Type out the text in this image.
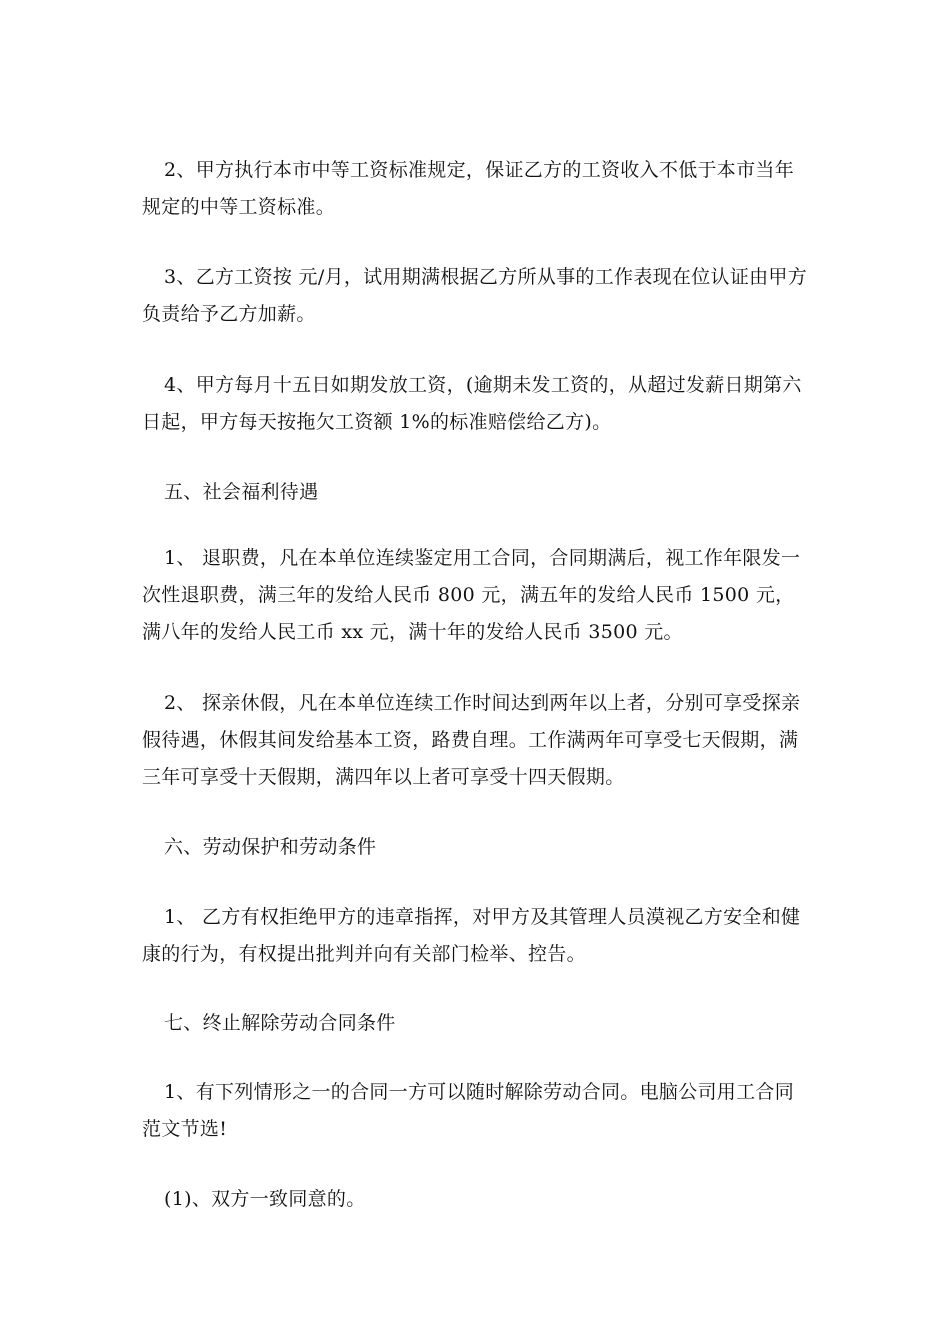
2、甲方执行本市中等工资标准规定，保证乙方的工资收入不低于本市当年规定的中等工资标准。

3、乙方工资按 元/月，试用期满根据乙方所从事的工作表现在位认证由甲方负责给予乙方加薪。

4、甲方每月十五日如期发放工资，(逾期未发工资的，从超过发薪日期第六日起，甲方每天按拖欠工资额 1%的标准赔偿给乙方)。

五、社会福利待遇

1、 退职费，凡在本单位连续鉴定用工合同，合同期满后，视工作年限发一次性退职费，满三年的发给人民币 800 元，满五年的发给人民币 1500 元，满八年的发给人民工币 xx 元，满十年的发给人民币 3500 元。

2、 探亲休假，凡在本单位连续工作时间达到两年以上者，分别可享受探亲假待遇，休假其间发给基本工资，路费自理。工作满两年可享受七天假期，满三年可享受十天假期，满四年以上者可享受十四天假期。

六、劳动保护和劳动条件

1、 乙方有权拒绝甲方的违章指挥，对甲方及其管理人员漠视乙方安全和健康的行为，有权提出批判并向有关部门检举、控告。

七、终止解除劳动合同条件

1、有下列情形之一的合同一方可以随时解除劳动合同。电脑公司用工合同范文节选!

(1)、双方一致同意的。
